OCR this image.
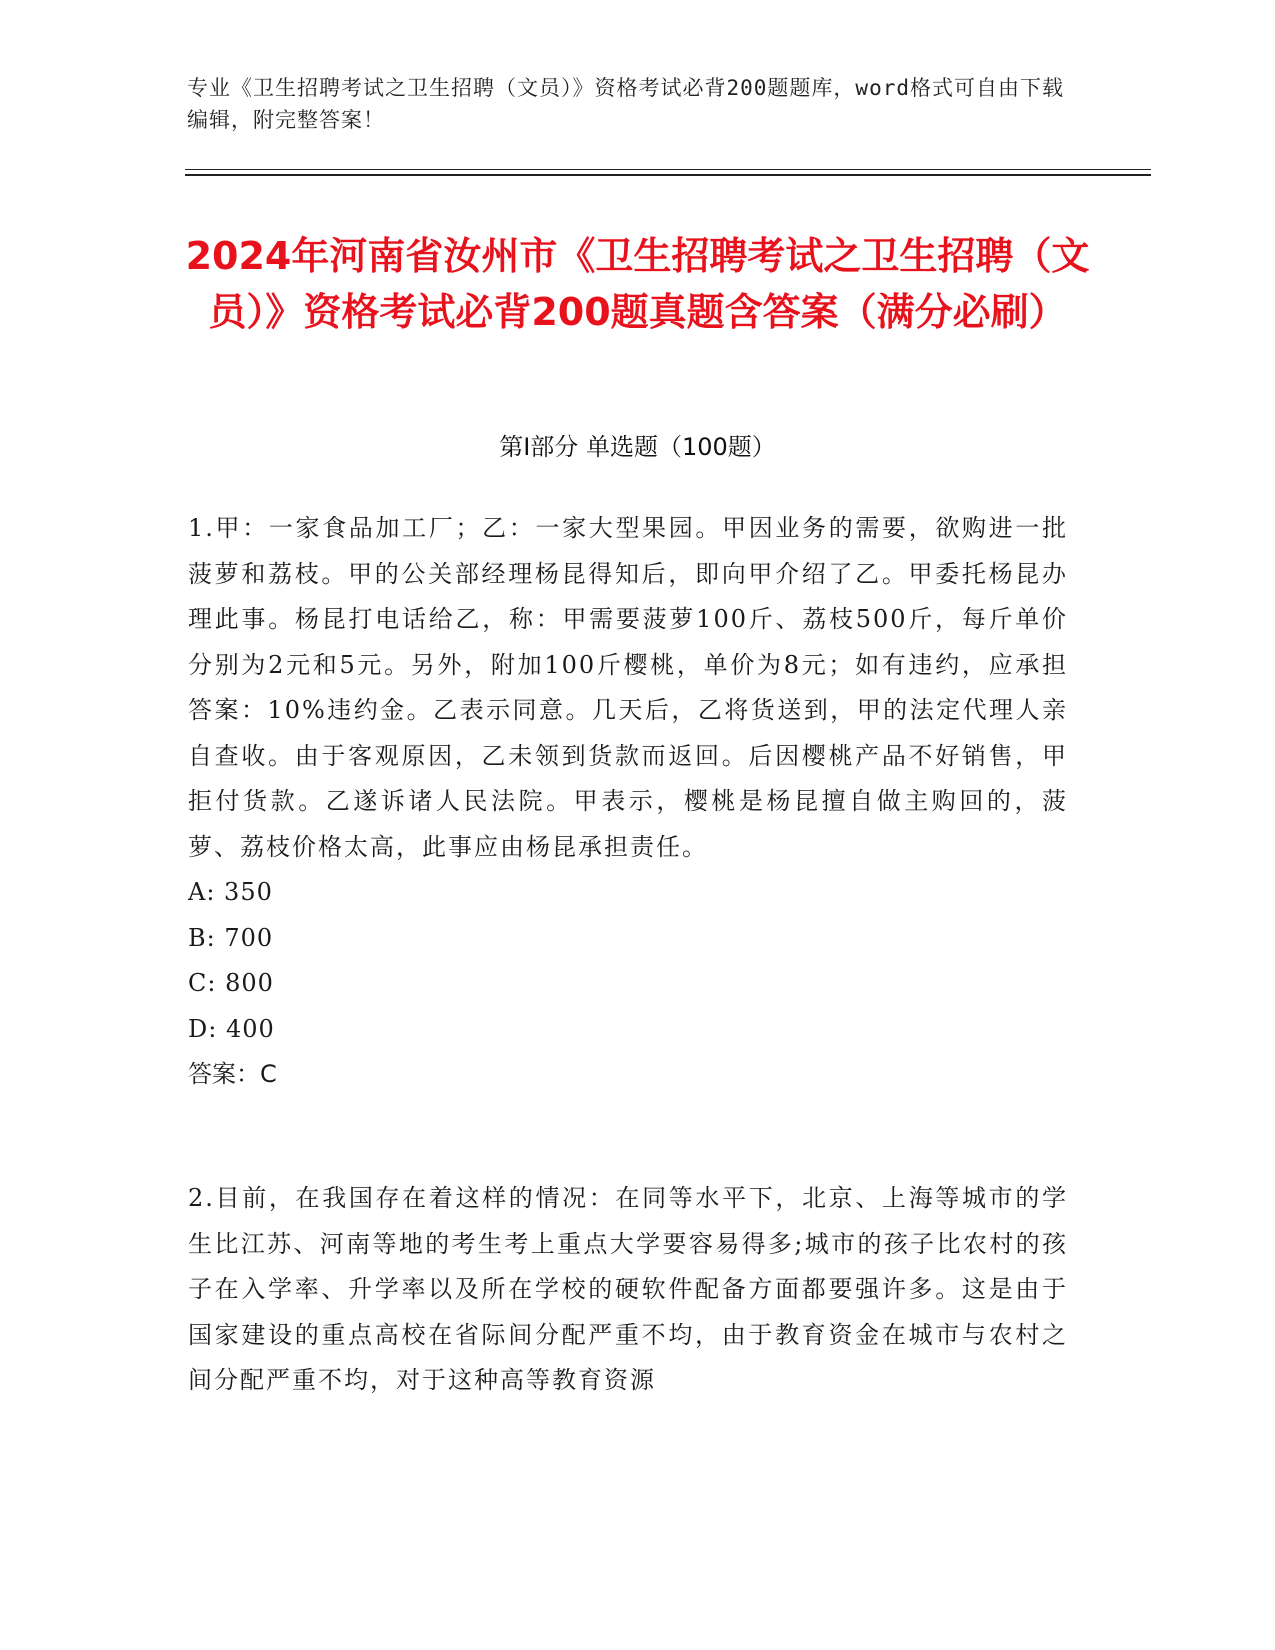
专业《卫生招聘考试之卫生招聘（文员）》资格考试必背200题题库，word格式可自由下载编辑，附完整答案！
2024年河南省汝州市《卫生招聘考试之卫生招聘（文员）》资格考试必背200题真题含答案（满分必刷）
第I部分 单选题（100题）

1.甲：一家食品加工厂；乙：一家大型果园。甲因业务的需要，欲购进一批菠萝和荔枝。甲的公关部经理杨昆得知后，即向甲介绍了乙。甲委托杨昆办理此事。杨昆打电话给乙，称：甲需要菠萝100斤、荔枝500斤，每斤单价分别为2元和5元。另外，附加100斤樱桃，单价为8元；如有违约，应承担答案：10%违约金。乙表示同意。几天后，乙将货送到，甲的法定代理人亲自查收。由于客观原因，乙未领到货款而返回。后因樱桃产品不好销售，甲拒付货款。乙遂诉诸人民法院。甲表示，樱桃是杨昆擅自做主购回的，菠萝、荔枝价格太高，此事应由杨昆承担责任。

A: 350

B: 700

C: 800

D: 400

答案：C

2.目前，在我国存在着这样的情况：在同等水平下，北京、上海等城市的学生比江苏、河南等地的考生考上重点大学要容易得多;城市的孩子比农村的孩子在入学率、升学率以及所在学校的硬软件配备方面都要强许多。这是由于国家建设的重点高校在省际间分配严重不均，由于教育资金在城市与农村之间分配严重不均，对于这种高等教育资源
